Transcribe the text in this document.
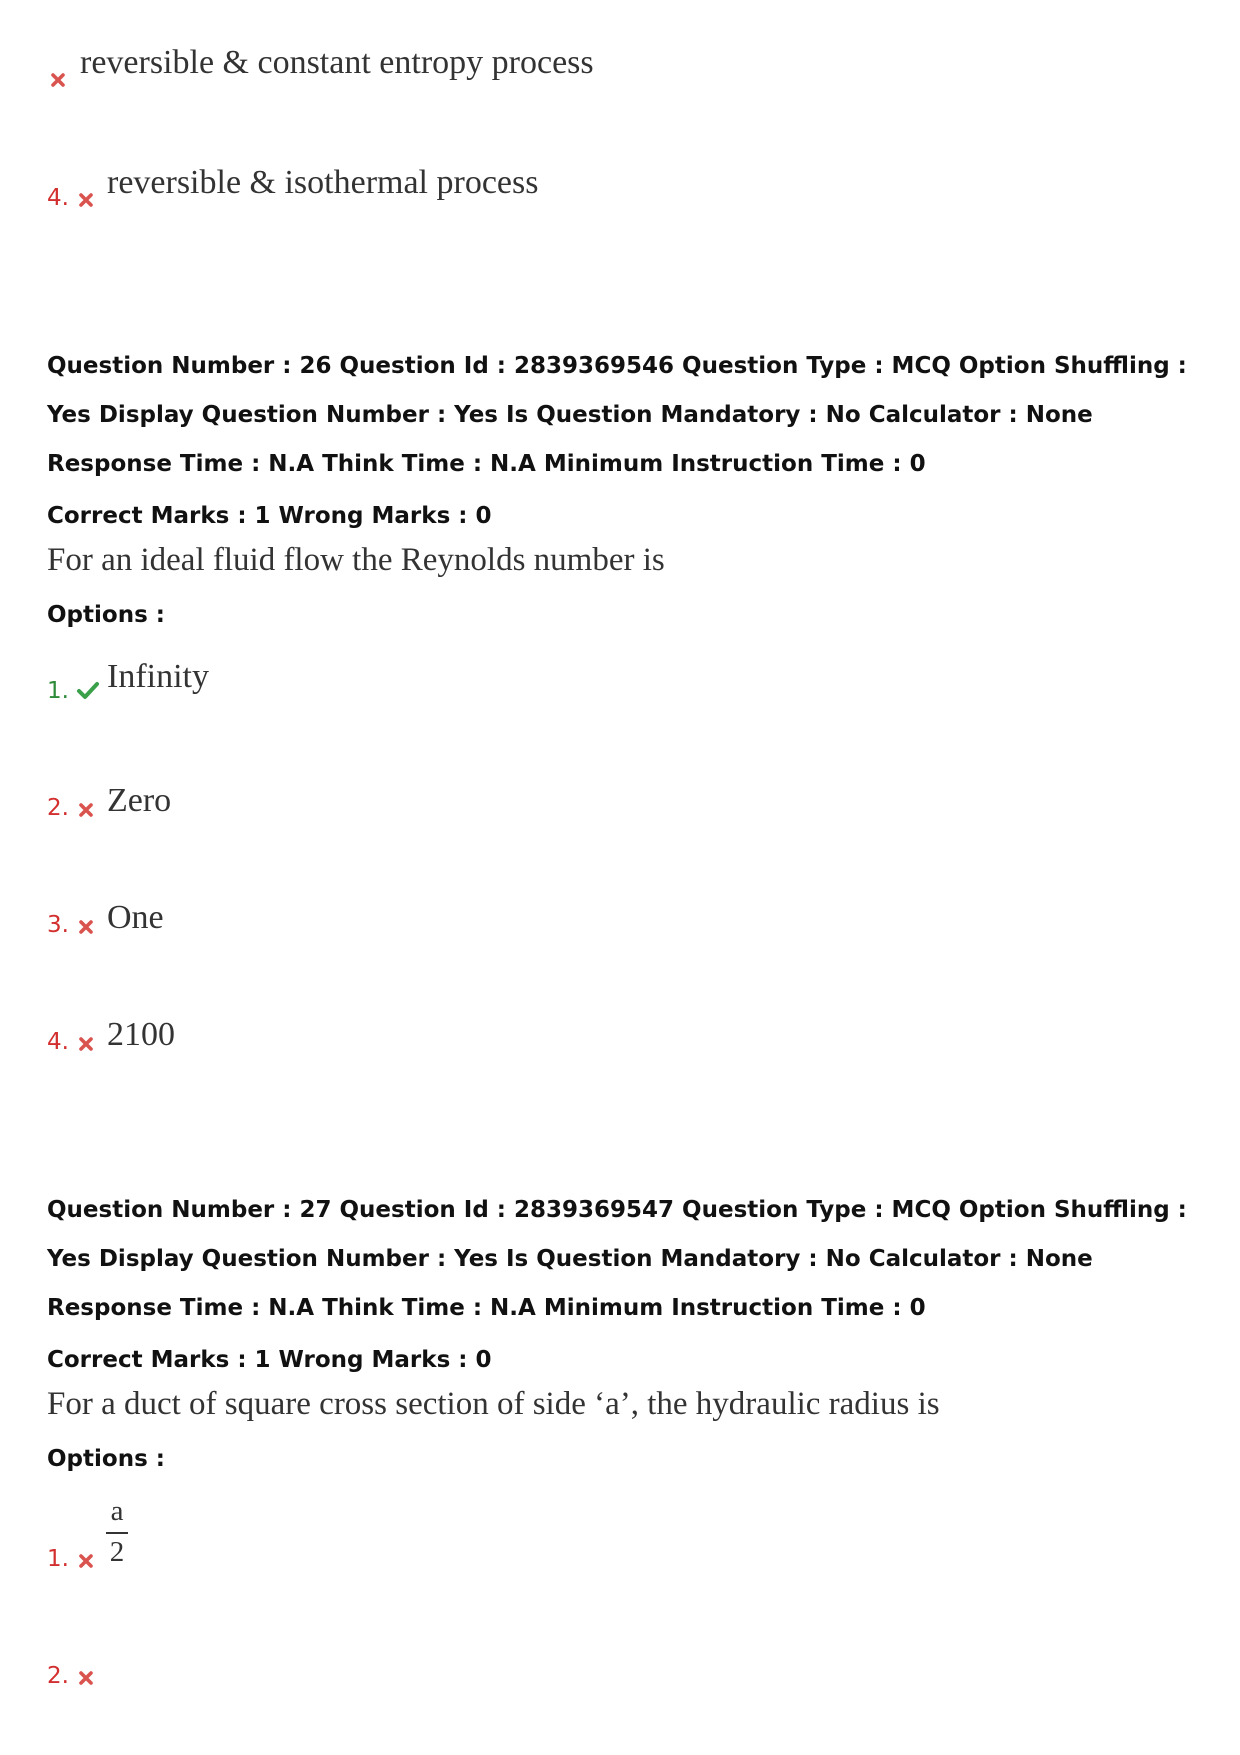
reversible & constant entropy process
4. reversible & isothermal process
Question Number : 26 Question Id : 2839369546 Question Type : MCQ Option Shuffling : Yes Display Question Number : Yes Is Question Mandatory : No Calculator : None Response Time : N.A Think Time : N.A Minimum Instruction Time : 0
Correct Marks : 1 Wrong Marks : 0
For an ideal fluid flow the Reynolds number is
Options :
1. Infinity
2. Zero
3. One
4. 2100
Question Number : 27 Question Id : 2839369547 Question Type : MCQ Option Shuffling : Yes Display Question Number : Yes Is Question Mandatory : No Calculator : None Response Time : N.A Think Time : N.A Minimum Instruction Time : 0
Correct Marks : 1 Wrong Marks : 0
For a duct of square cross section of side ‘a’, the hydraulic radius is
Options :
1.
a
2
2.
